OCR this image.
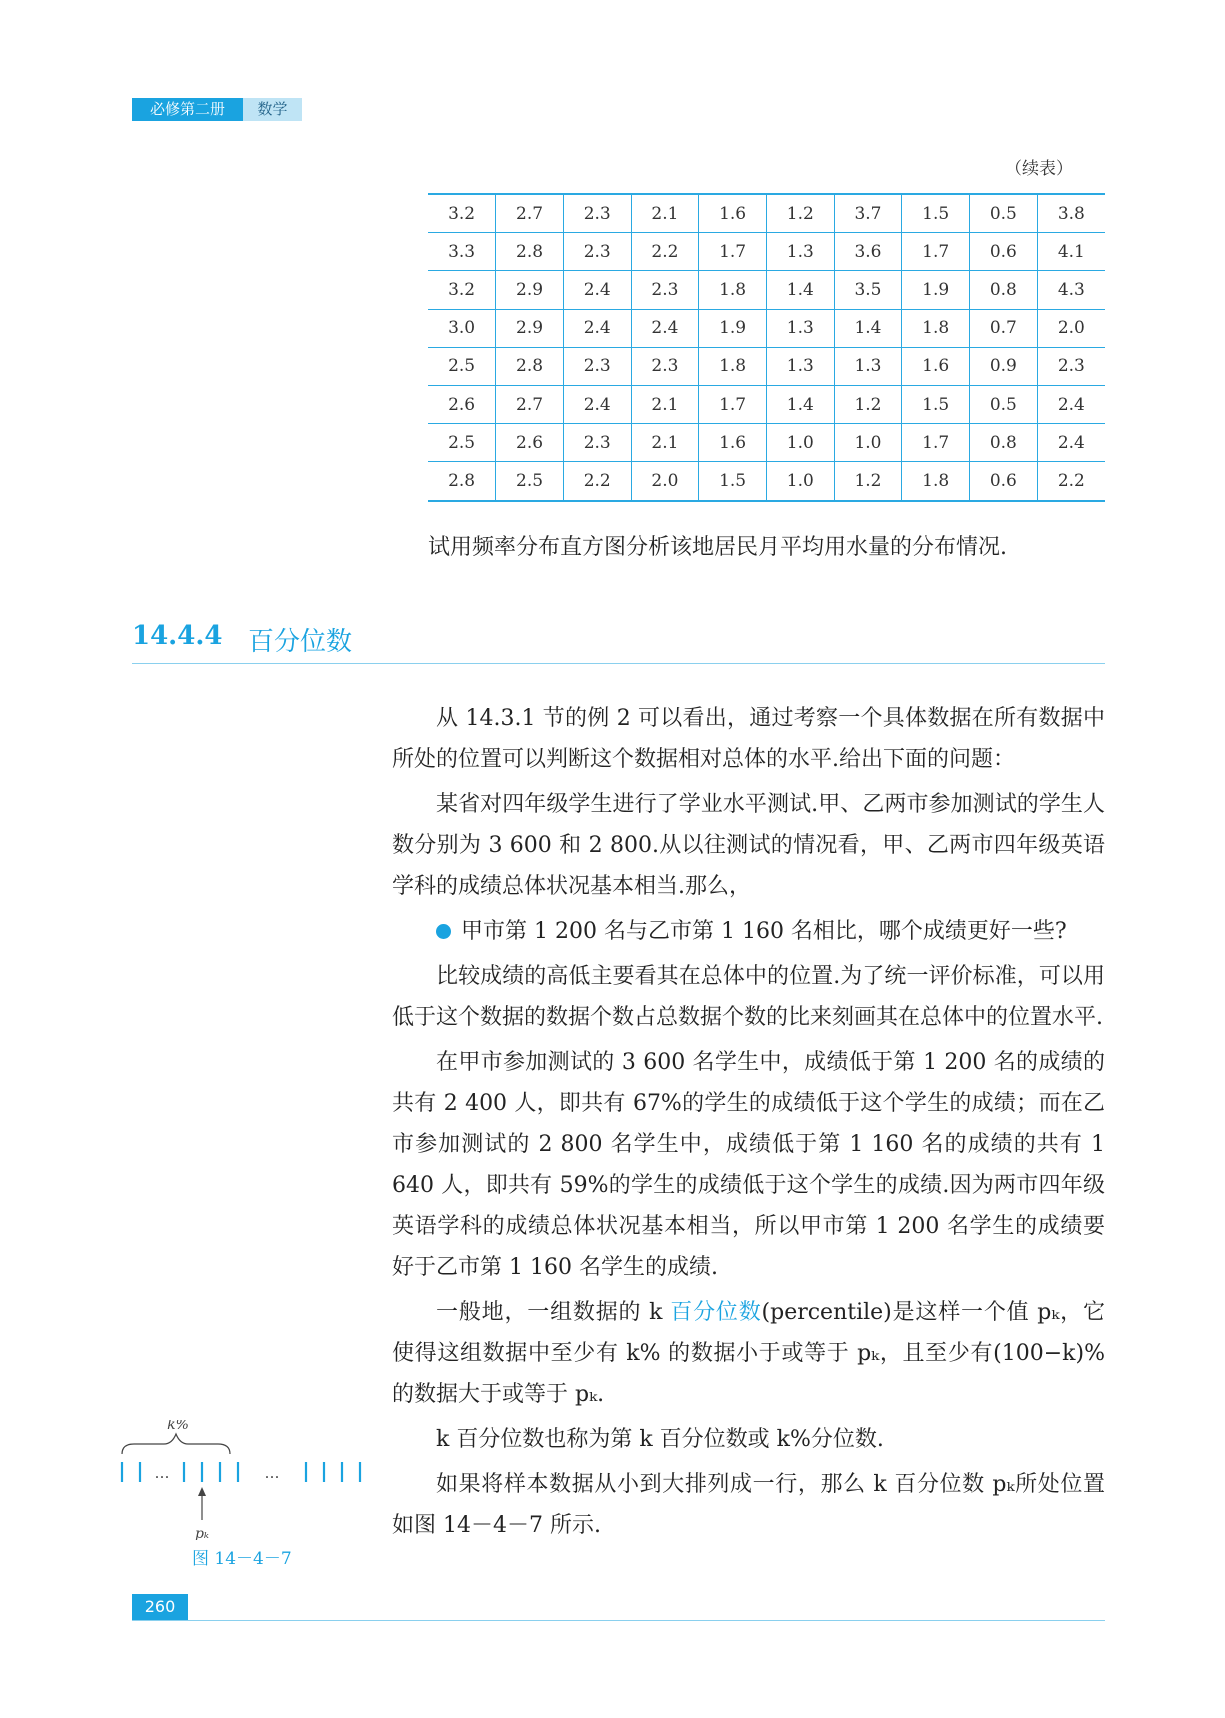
必修第二册	数学
（续表）
3.2	2.7	2.3	2.1	1.6	1.2	3.7	1.5	0.5	3.8
3.3	2.8	2.3	2.2	1.7	1.3	3.6	1.7	0.6	4.1
3.2	2.9	2.4	2.3	1.8	1.4	3.5	1.9	0.8	4.3
3.0	2.9	2.4	2.4	1.9	1.3	1.4	1.8	0.7	2.0
2.5	2.8	2.3	2.3	1.8	1.3	1.3	1.6	0.9	2.3
2.6	2.7	2.4	2.1	1.7	1.4	1.2	1.5	0.5	2.4
2.5	2.6	2.3	2.1	1.6	1.0	1.0	1.7	0.8	2.4
2.8	2.5	2.2	2.0	1.5	1.0	1.2	1.8	0.6	2.2
试用频率分布直方图分析该地居民月平均用水量的分布情况.
14.4.4 百分位数

从 14.3.1 节的例 2 可以看出，通过考察一个具体数据在所有数据中所处的位置可以判断这个数据相对总体的水平.给出下面的问题：

某省对四年级学生进行了学业水平测试.甲、乙两市参加测试的学生人数分别为 3 600 和 2 800.从以往测试的情况看，甲、乙两市四年级英语学科的成绩总体状况基本相当.那么，

甲市第 1 200 名与乙市第 1 160 名相比，哪个成绩更好一些?

比较成绩的高低主要看其在总体中的位置.为了统一评价标准，可以用低于这个数据的数据个数占总数据个数的比来刻画其在总体中的位置水平.

在甲市参加测试的 3 600 名学生中，成绩低于第 1 200 名的成绩的共有 2 400 人，即共有 67%的学生的成绩低于这个学生的成绩；而在乙市参加测试的 2 800 名学生中，成绩低于第 1 160 名的成绩的共有 1 640 人，即共有 59%的学生的成绩低于这个学生的成绩.因为两市四年级英语学科的成绩总体状况基本相当，所以甲市第 1 200 名学生的成绩要好于乙市第 1 160 名学生的成绩.

一般地，一组数据的 k 百分位数(percentile)是这样一个值 pₖ，它使得这组数据中至少有 k% 的数据小于或等于 pₖ，且至少有(100−k)%的数据大于或等于 pₖ.

k 百分位数也称为第 k 百分位数或 k%分位数.

如果将样本数据从小到大排列成一行，那么 k 百分位数 pₖ所处位置如图 14－4－7 所示.

k%
…	…
pₖ
图 14－4－7
260
